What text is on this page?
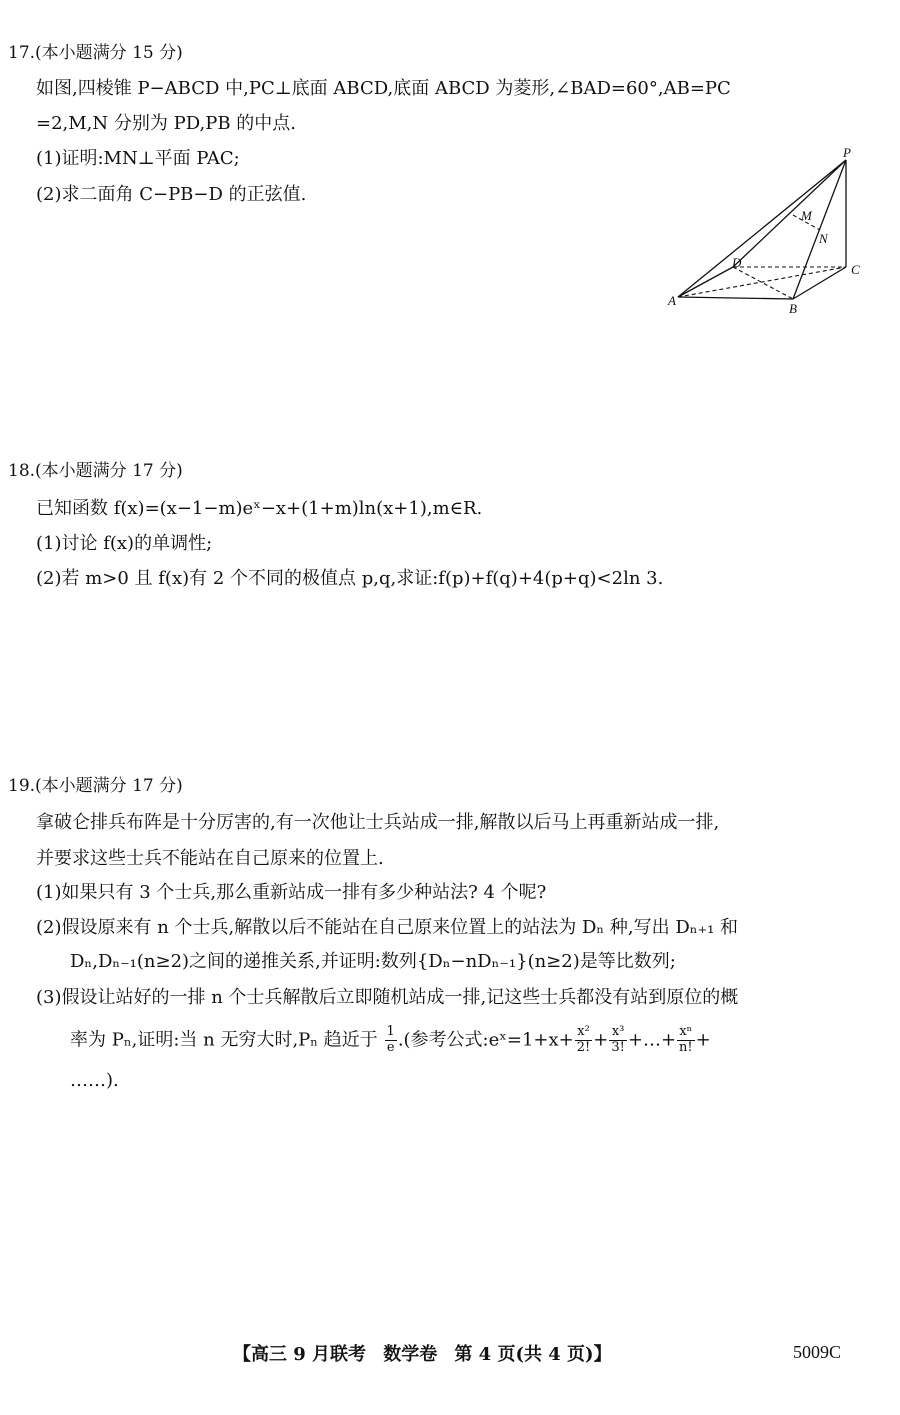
17.(本小题满分 15 分)
如图,四棱锥 P−ABCD 中,PC⊥底面 ABCD,底面 ABCD 为菱形,∠BAD=60°,AB=PC
=2,M,N 分别为 PD,PB 的中点.
(1)证明:MN⊥平面 PAC;
(2)求二面角 C−PB−D 的正弦值.
P
M
N
D	C
A
B
18.(本小题满分 17 分)
已知函数 f(x)=(x−1−m)eˣ−x+(1+m)ln(x+1),m∈R.
(1)讨论 f(x)的单调性;
(2)若 m>0 且 f(x)有 2 个不同的极值点 p,q,求证:f(p)+f(q)+4(p+q)<2ln 3.
19.(本小题满分 17 分)
拿破仑排兵布阵是十分厉害的,有一次他让士兵站成一排,解散以后马上再重新站成一排,
并要求这些士兵不能站在自己原来的位置上.
(1)如果只有 3 个士兵,那么重新站成一排有多少种站法? 4 个呢?
(2)假设原来有 n 个士兵,解散以后不能站在自己原来位置上的站法为 Dₙ 种,写出 Dₙ₊₁ 和
Dₙ,Dₙ₋₁(n≥2)之间的递推关系,并证明:数列{Dₙ−nDₙ₋₁}(n≥2)是等比数列;
(3)假设让站好的一排 n 个士兵解散后立即随机站成一排,记这些士兵都没有站到原位的概
率为 Pₙ,证明:当 n 无穷大时,Pₙ 趋近于 $\frac{1}{e}$ .(参考公式:eˣ=1+x+ $\frac{\text{x²}}{2!} + \frac{\text{x³}}{3!}$ +…+ $\frac{\text{xⁿ}}{n!}$ +
……).
【高三 9 月联考 数学卷 第 4 页(共 4 页)】	5009C
